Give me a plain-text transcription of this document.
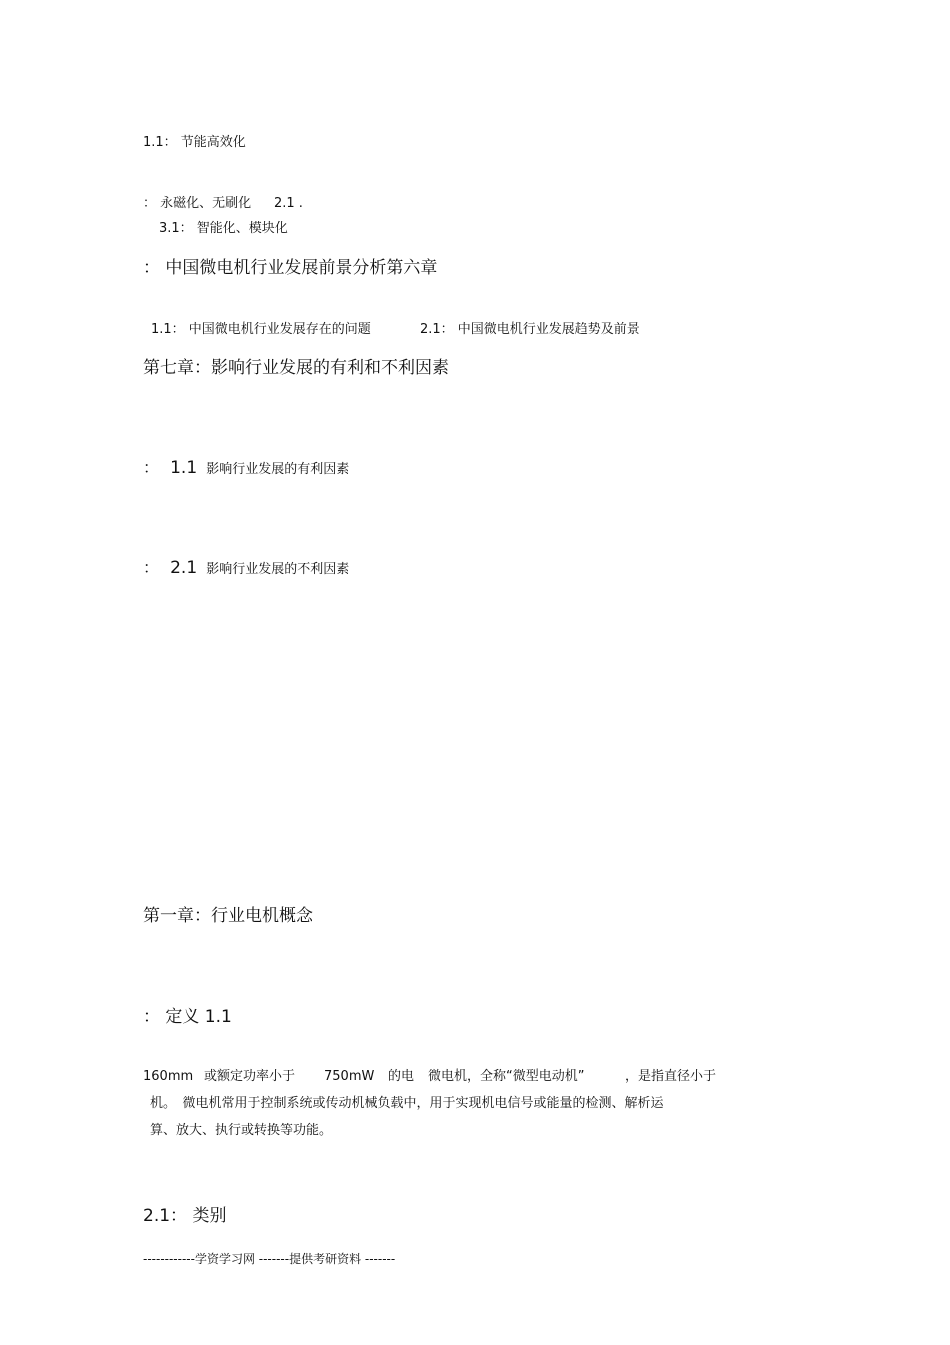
1.1： 节能高效化
： 永磁化、无刷化 2.1 .
3.1： 智能化、模块化
： 中国微电机行业发展前景分析第六章
1.1： 中国微电机行业发展存在的问题	2.1： 中国微电机行业发展趋势及前景
第七章：影响行业发展的有利和不利因素
： 1.1 影响行业发展的有利因素
： 2.1 影响行业发展的不利因素
第一章：行业电机概念
： 定义 1.1
160mm 或额定功率小于 750mW 的电 微电机，全称“微型电动机”	，是指直径小于
机。　微电机常用于控制系统或传动机械负载中，用于实现机电信号或能量的检测、解析运
算、放大、执行或转换等功能。
2.1： 类别
------------学资学习网 -------提供考研资料 -------
